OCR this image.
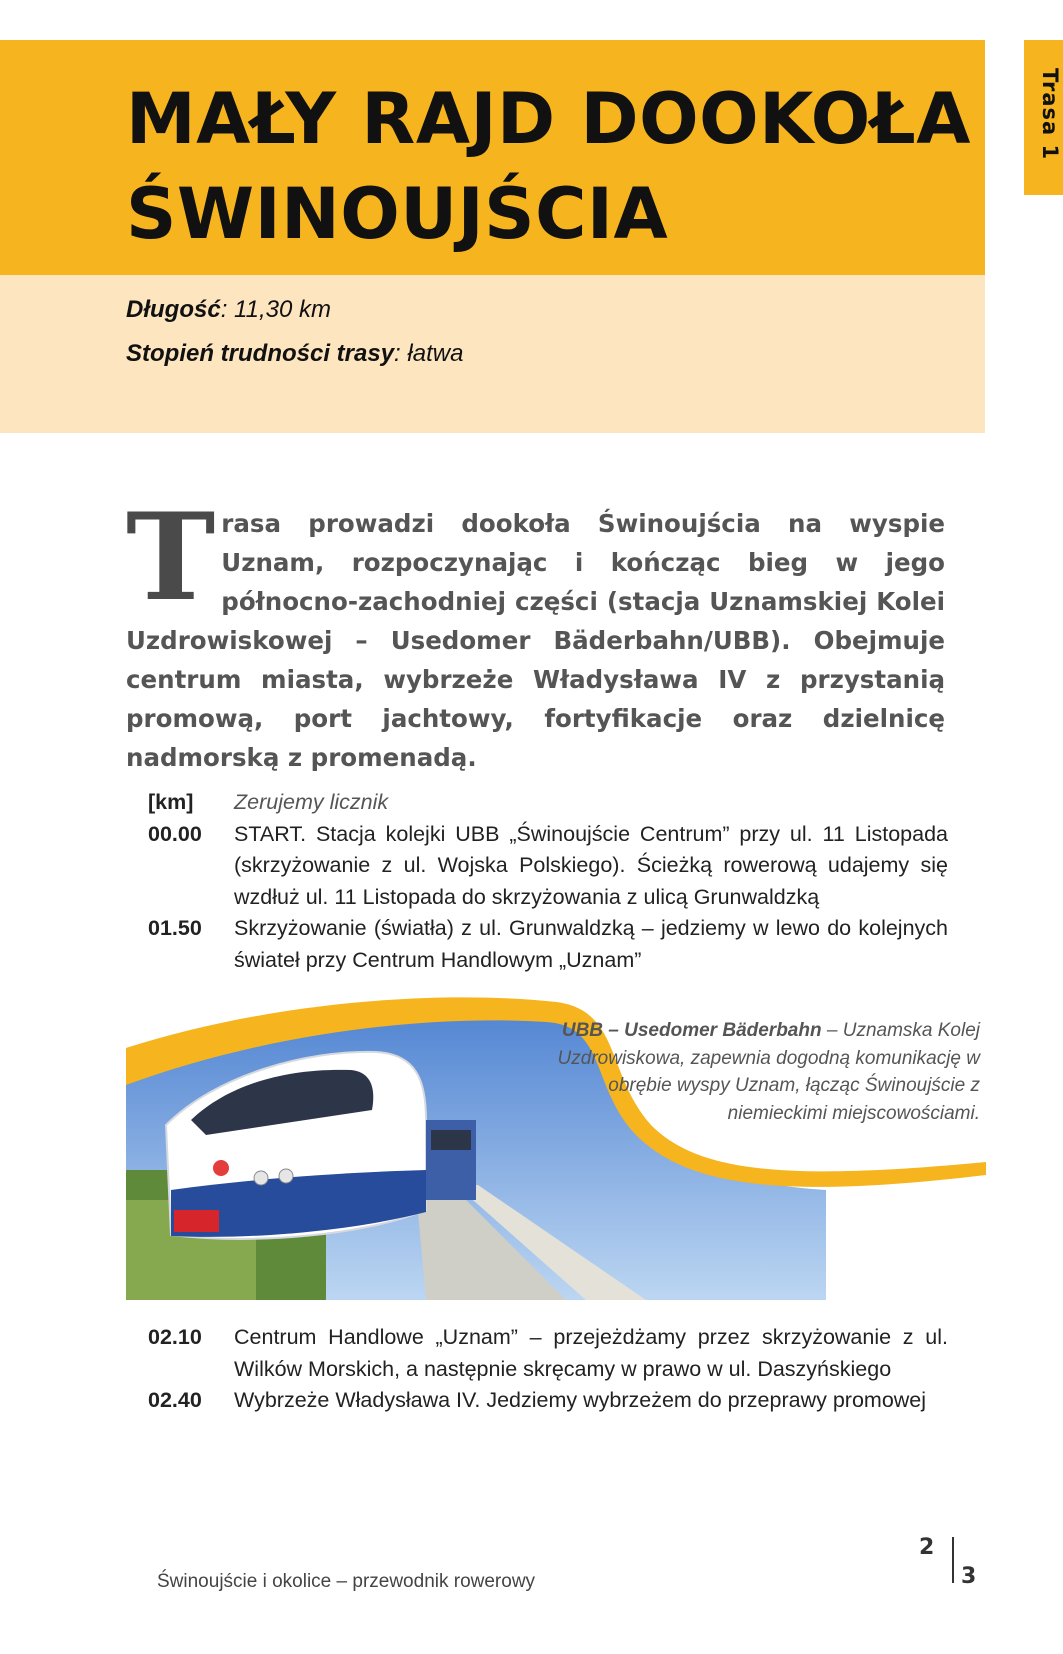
MAŁY RAJD DOOKOŁA
ŚWINOUJŚCIA
Trasa 1

Długość: 11,30 km

Stopień trudności trasy: łatwa

Trasa prowadzi dookoła Świnoujścia na wyspie Uznam, rozpoczynając i kończąc bieg w jego północno-zachodniej części (stacja Uznamskiej Kolei Uzdrowiskowej – Usedomer Bäderbahn/UBB). Obejmuje centrum miasta, wybrzeże Władysława IV z przystanią promową, port jachtowy, fortyfikacje oraz dzielnicę nadmorską z promenadą.

[km]	Zerujemy licznik
00.00	START. Stacja kolejki UBB „Świnoujście Centrum” przy ul. 11 Listopada (skrzyżowanie z ul. Wojska Polskiego). Ścieżką rowerową udajemy się wzdłuż ul. 11 Listopada do skrzyżowania z ulicą Grunwaldzką
01.50	Skrzyżowanie (światła) z ul. Grunwaldzką – jedziemy w lewo do kolejnych świateł przy Centrum Handlowym „Uznam”

UBB – Usedomer Bäderbahn – Uznamska Kolej Uzdrowiskowa, zapewnia dogodną komunikację w obrębie wyspy Uznam, łącząc Świnoujście z niemieckimi miejscowościami.

02.10	Centrum Handlowe „Uznam” – przejeżdżamy przez skrzyżowanie z ul. Wilków Morskich, a następnie skręcamy w prawo w ul. Daszyńskiego
02.40	Wybrzeże Władysława IV. Jedziemy wybrzeżem do przeprawy promowej
2
3

Świnoujście i okolice – przewodnik rowerowy
